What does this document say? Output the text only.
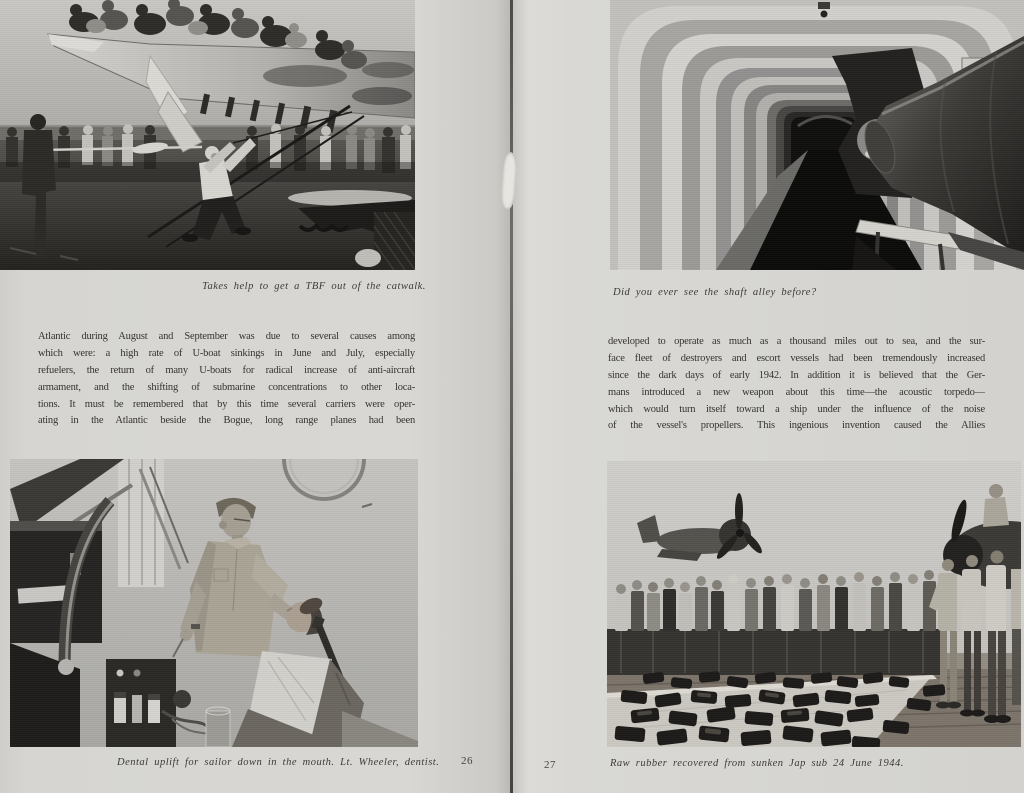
Takes help to get a TBF out of the catwalk.
Did you ever see the shaft alley before?
Atlantic during August and September was due to several causes among
which were: a high rate of U-boat sinkings in June and July, especially
refuelers, the return of many U-boats for radical increase of anti-aircraft
armament, and the shifting of submarine concentrations to other loca-
tions. It must be remembered that by this time several carriers were oper-
ating in the Atlantic beside the Bogue, long range planes had been
developed to operate as much as a thousand miles out to sea, and the sur-
face fleet of destroyers and escort vessels had been tremendously increased
since the dark days of early 1942. In addition it is believed that the Ger-
mans introduced a new weapon about this time—the acoustic torpedo—
which would turn itself toward a ship under the influence of the noise
of the vessel's propellers. This ingenious invention caused the Allies
Dental uplift for sailor down in the mouth. Lt. Wheeler, dentist. 26	27	Raw rubber recovered from sunken Jap sub 24 June 1944.
